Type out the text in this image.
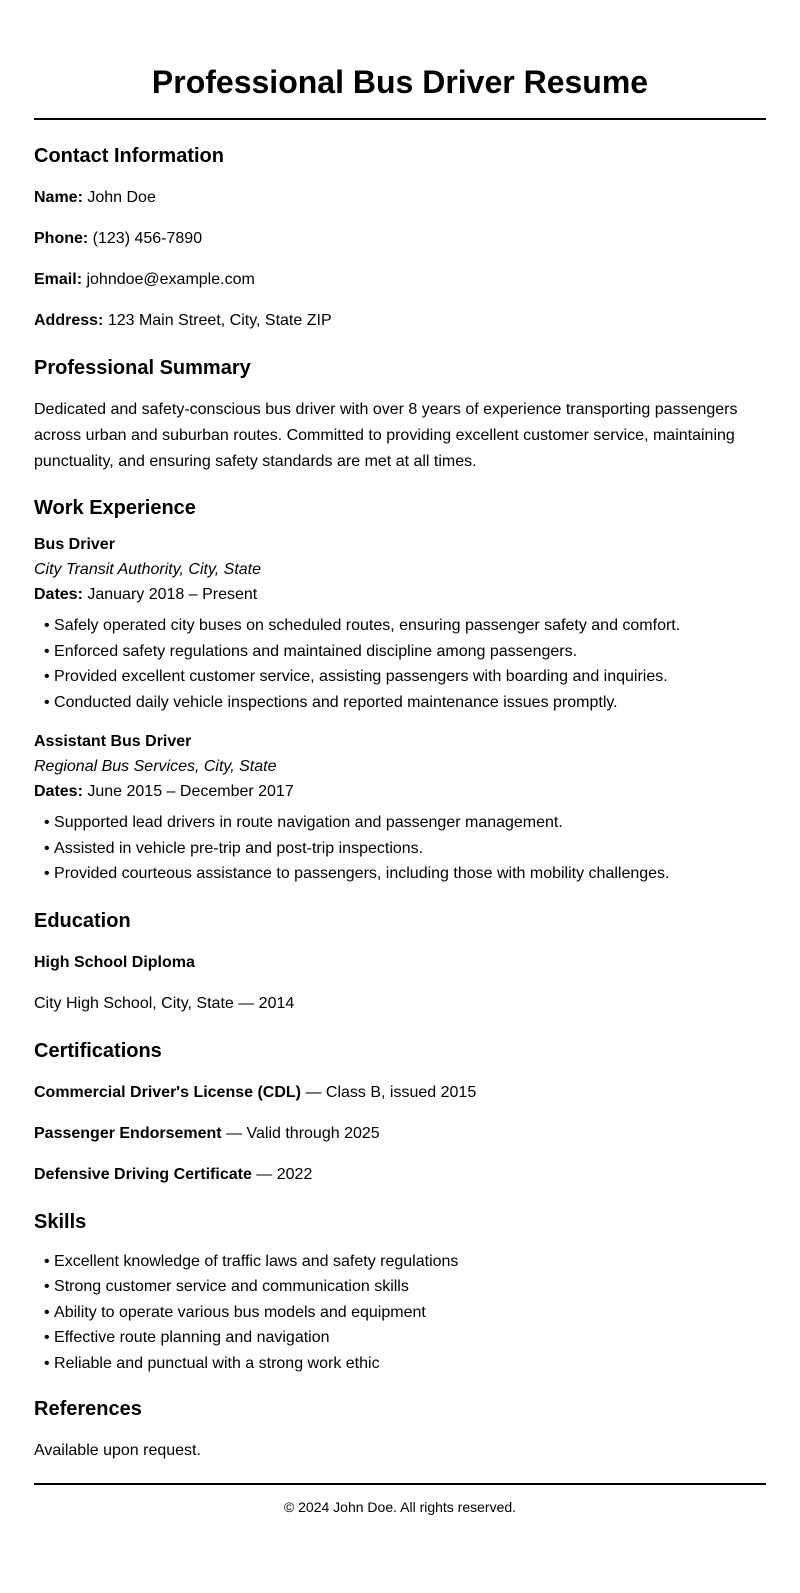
Professional Bus Driver Resume
Contact Information

Name: John Doe

Phone: (123) 456-7890

Email: johndoe@example.com

Address: 123 Main Street, City, State ZIP

Professional Summary

Dedicated and safety-conscious bus driver with over 8 years of experience transporting passengers across urban and suburban routes. Committed to providing excellent customer service, maintaining punctuality, and ensuring safety standards are met at all times.

Work Experience

Bus Driver

City Transit Authority, City, State

Dates: January 2018 – Present

• Safely operated city buses on scheduled routes, ensuring passenger safety and comfort.
• Enforced safety regulations and maintained discipline among passengers.
• Provided excellent customer service, assisting passengers with boarding and inquiries.
• Conducted daily vehicle inspections and reported maintenance issues promptly.

Assistant Bus Driver

Regional Bus Services, City, State

Dates: June 2015 – December 2017

• Supported lead drivers in route navigation and passenger management.
• Assisted in vehicle pre-trip and post-trip inspections.
• Provided courteous assistance to passengers, including those with mobility challenges.
Education

High School Diploma

City High School, City, State — 2014

Certifications

Commercial Driver's License (CDL) — Class B, issued 2015

Passenger Endorsement — Valid through 2025

Defensive Driving Certificate — 2022

Skills
• Excellent knowledge of traffic laws and safety regulations
• Strong customer service and communication skills
• Ability to operate various bus models and equipment
• Effective route planning and navigation
• Reliable and punctual with a strong work ethic
References

Available upon request.

© 2024 John Doe. All rights reserved.
